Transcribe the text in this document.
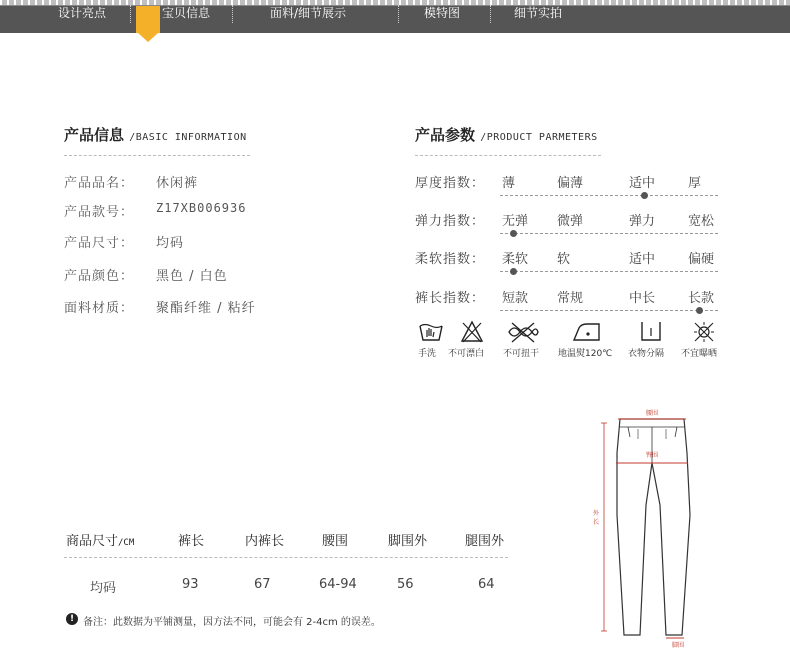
设计亮点	宝贝信息	面料/细节展示	模特图	细节实拍
产品信息 /BASIC INFORMATION
产品品名： 休闲裤
产品款号： Z17XB006936
产品尺寸： 均码
产品颜色： 黑色 / 白色
面料材质： 聚酯纤维 / 粘纤
产品参数 /PRODUCT PARMETERS
厚度指数： 薄	偏薄	适中	厚
弹力指数： 无弹 微弹	弹力	宽松
柔软指数： 柔软 软	适中	偏硬
裤长指数： 短款 常规	中长	长款
手洗 不可漂白 不可扭干 地温熨120℃ 衣物分隔 不宜曝晒
商品尺寸/CM	裤长	内裤长	腰围	脚围外	腿围外
均码	93	67	64-94	56	64
! 备注：此数据为平铺测量，因方法不同，可能会有 2-4cm 的误差。
腰围
臀围
外长
脚围
